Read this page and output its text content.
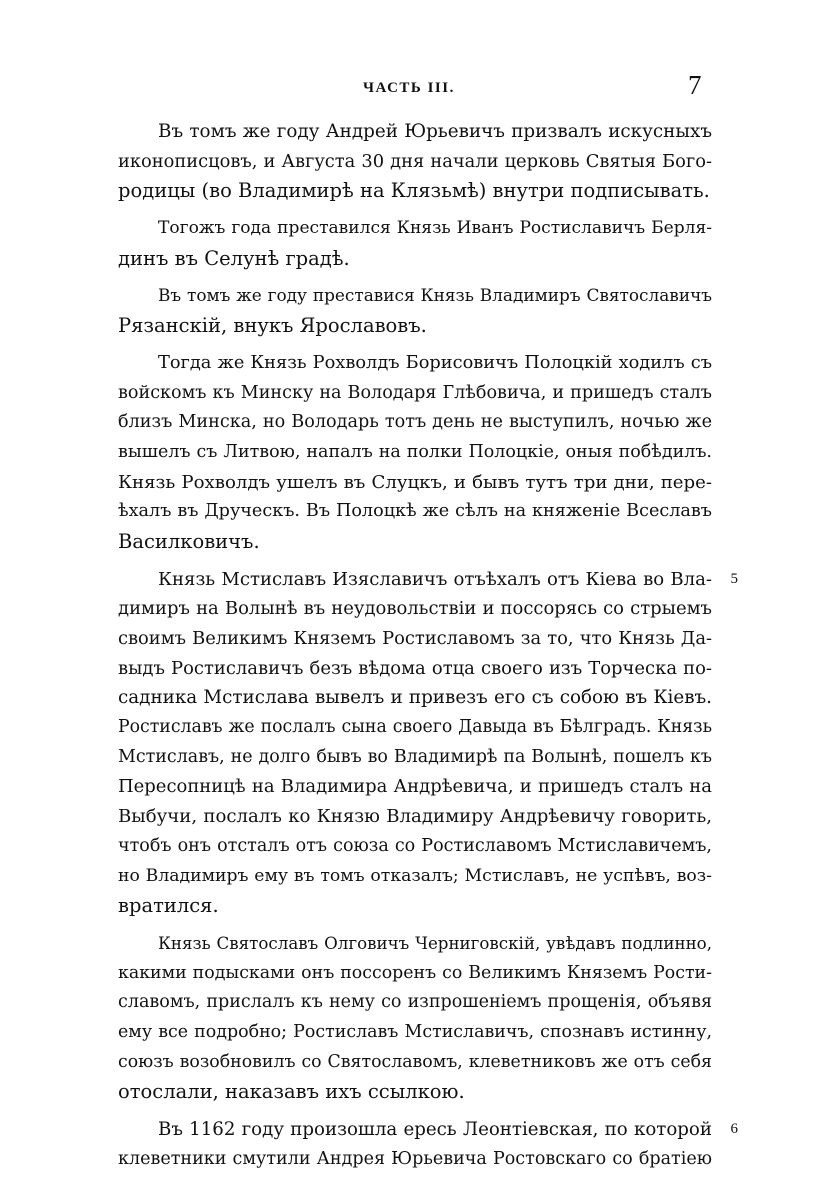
ЧАСТЬ III.	7
Въ томъ же году Андрей Юрьевичъ призвалъ искусныхъ
иконописцовъ, и Августа 30 дня начали церковь Святыя Бого-
родицы (во Владимирѣ на Клязьмѣ) внутри подписывать.
Тогожъ года преставился Князь Иванъ Ростиславичъ Берля-
динъ въ Селунѣ градѣ.
Въ томъ же году преставися Князь Владимиръ Святославичъ
Рязанскій, внукъ Ярославовъ.
Тогда же Князь Рохволдъ Борисовичъ Полоцкій ходилъ съ
войскомъ къ Минску на Володаря Глѣбовича, и пришедъ сталъ
близъ Минска, но Володарь тотъ день не выступилъ, ночью же
вышелъ съ Литвою, напалъ на полки Полоцкіе, оныя побѣдилъ.
Князь Рохволдъ ушелъ въ Слуцкъ, и бывъ тутъ три дни, пере-
ѣхалъ въ Друческъ. Въ Полоцкѣ же сѣлъ на княженіе Всеславъ
Василковичъ.
Князь Мстиславъ Изяславичъ отъѣхалъ отъ Кіева во Вла- 5
димиръ на Волынѣ въ неудовольствіи и поссорясь со стрыемъ
своимъ Великимъ Княземъ Ростиславомъ за то, что Князь Да-
выдъ Ростиславичъ безъ вѣдома отца своего изъ Торческа по-
садника Мстислава вывелъ и привезъ его съ собою въ Кіевъ.
Ростиславъ же послалъ сына своего Давыда въ Бѣлградъ. Князь
Мстиславъ, не долго бывъ во Владимирѣ па Волынѣ, пошелъ къ
Пересопницѣ на Владимира Андрѣевича, и пришедъ сталъ на
Выбучи, послалъ ко Князю Владимиру Андрѣевичу говорить,
чтобъ онъ отсталъ отъ союза со Ростиславомъ Мстиславичемъ,
но Владимиръ ему въ томъ отказалъ; Мстиславъ, не успѣвъ, воз-
вратился.
Князь Святославъ Олговичъ Черниговскій, увѣдавъ подлинно,
какими подысками онъ поссоренъ со Великимъ Княземъ Рости-
славомъ, прислалъ къ нему со изпрошеніемъ прощенія, объявя
ему все подробно; Ростиславъ Мстиславичъ, спознавъ истинну,
союзъ возобновилъ со Святославомъ, клеветниковъ же отъ себя
отослали, наказавъ ихъ ссылкою.
Въ 1162 году произошла ересь Леонтіевская, по которой 6
клеветники смутили Андрея Юрьевича Ростовскаго со братіею
